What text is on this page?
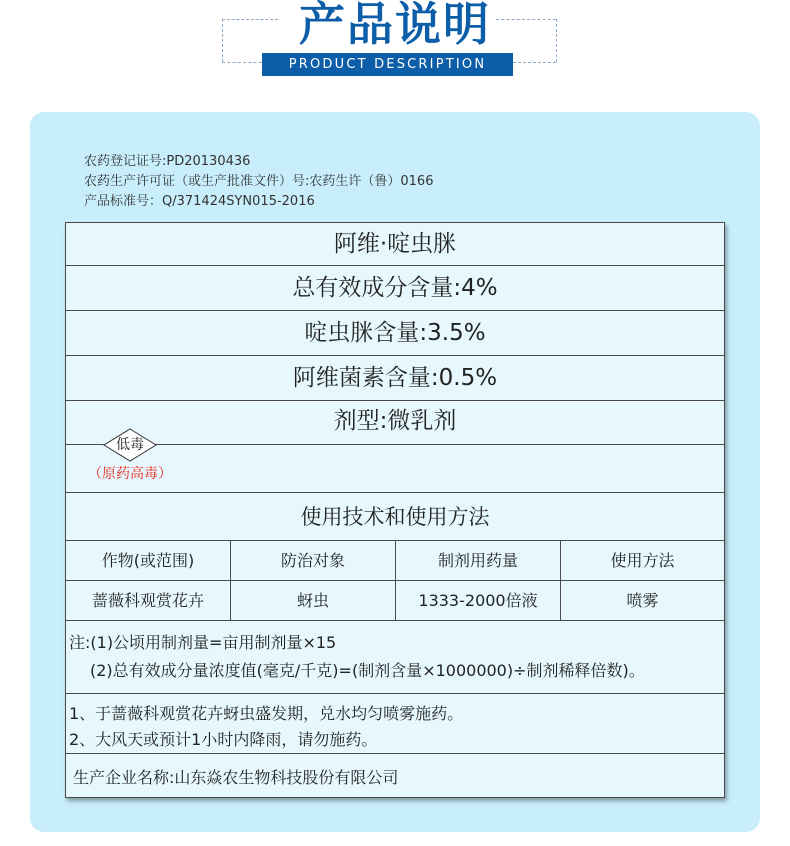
产品说明
PRODUCT DESCRIPTION
农药登记证号:PD20130436
农药生产许可证（或生产批准文件）号:农药生许（鲁）0166
产品标准号：Q/371424SYN015-2016
阿维·啶虫脒
总有效成分含量:4%
啶虫脒含量:3.5%
阿维菌素含量:0.5%
剂型:微乳剂
使用技术和使用方法
作物(或范围)	防治对象	制剂用药量	使用方法
蔷薇科观赏花卉	蚜虫	1333-2000倍液	喷雾
注:(1)公顷用制剂量=亩用制剂量×15
(2)总有效成分量浓度值(毫克/千克)=(制剂含量×1000000)÷制剂稀释倍数)。
1、于蔷薇科观赏花卉蚜虫盛发期，兑水均匀喷雾施药。
2、大风天或预计1小时内降雨，请勿施药。
生产企业名称:山东焱农生物科技股份有限公司
低毒
（原药高毒）
